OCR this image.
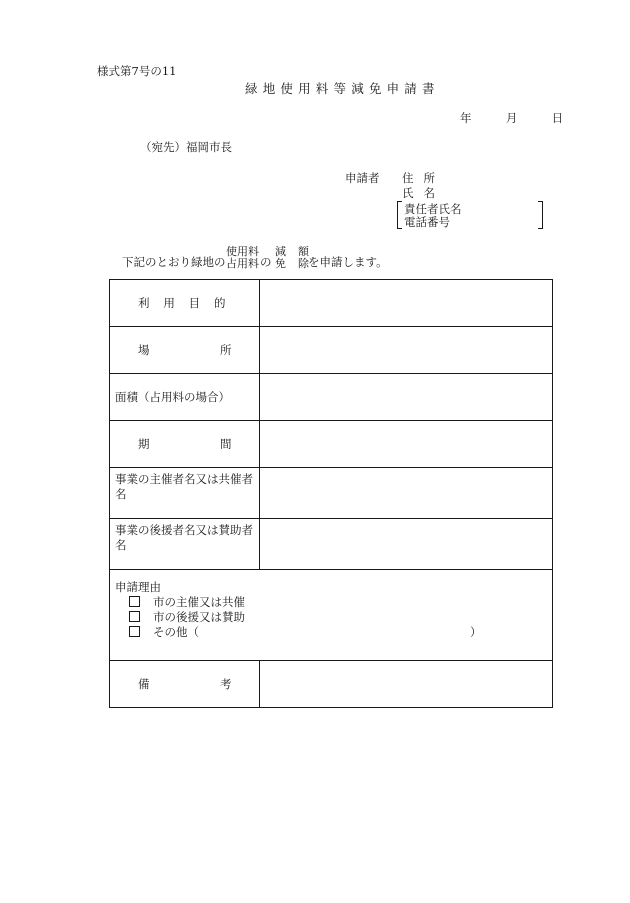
様式第7号の11
緑地使用料等減免申請書
年	月	日
（宛先）福岡市長
申請者 住所
氏名
責任者氏名
電話番号
下記のとおり緑地の
使用料
占用料 の
減 額
免 除 を申請します。
利 用 目 的	

場 所	

面積（占用料の場合）	

期 間	

事業の主催者名又は共催者名	
事業の後援者名又は賛助者名	

申請理由
市の主催又は共催
市の後援又は賛助
その他（ ）	

備 考	
